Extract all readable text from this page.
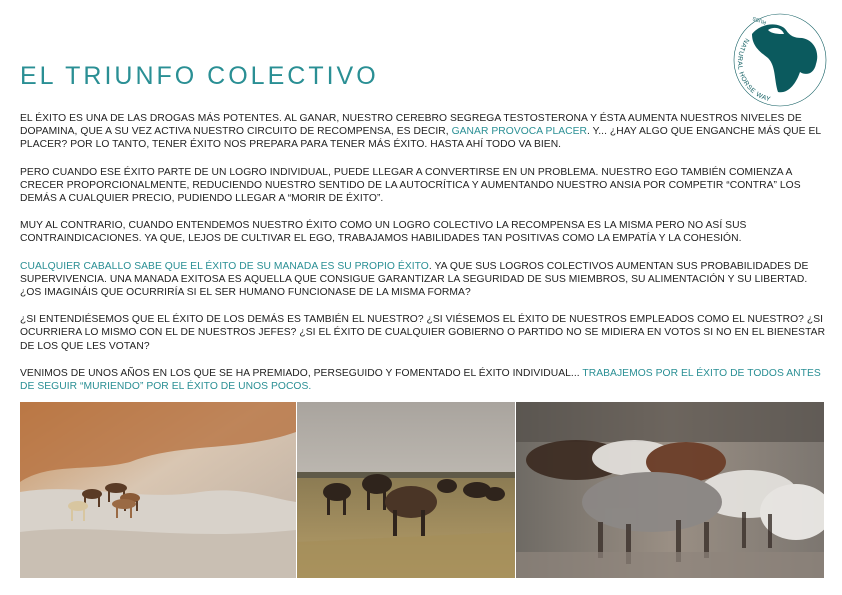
EL TRIUNFO COLECTIVO
NATURAL HORSE WAY
RUSS

EL ÉXITO ES UNA DE LAS DROGAS MÁS POTENTES. AL GANAR, NUESTRO CEREBRO SEGREGA TESTOSTERONA Y ÉSTA AUMENTA NUESTROS NIVELES DE DOPAMINA, QUE A SU VEZ ACTIVA NUESTRO CIRCUITO DE RECOMPENSA, ES DECIR, GANAR PROVOCA PLACER. Y... ¿HAY ALGO QUE ENGANCHE MÁS QUE EL PLACER? POR LO TANTO, TENER ÉXITO NOS PREPARA PARA TENER MÁS ÉXITO. HASTA AHÍ TODO VA BIEN.

PERO CUANDO ESE ÉXITO PARTE DE UN LOGRO INDIVIDUAL, PUEDE LLEGAR A CONVERTIRSE EN UN PROBLEMA. NUESTRO EGO TAMBIÉN COMIENZA A CRECER PROPORCIONALMENTE, REDUCIENDO NUESTRO SENTIDO DE LA AUTOCRÍTICA Y AUMENTANDO NUESTRO ANSIA POR COMPETIR “CONTRA” LOS DEMÁS A CUALQUIER PRECIO, PUDIENDO LLEGAR A “MORIR DE ÉXITO”.

MUY AL CONTRARIO, CUANDO ENTENDEMOS NUESTRO ÉXITO COMO UN LOGRO COLECTIVO LA RECOMPENSA ES LA MISMA PERO NO ASÍ SUS CONTRAINDICACIONES. YA QUE, LEJOS DE CULTIVAR EL EGO, TRABAJAMOS HABILIDADES TAN POSITIVAS COMO LA EMPATÍA Y LA COHESIÓN.

CUALQUIER CABALLO SABE QUE EL ÉXITO DE SU MANADA ES SU PROPIO ÉXITO. YA QUE SUS LOGROS COLECTIVOS AUMENTAN SUS PROBABILIDADES DE SUPERVIVENCIA. UNA MANADA EXITOSA ES AQUELLA QUE CONSIGUE GARANTIZAR LA SEGURIDAD DE SUS MIEMBROS, SU ALIMENTACIÓN Y SU LIBERTAD. ¿OS IMAGINÁIS QUE OCURRIRÍA SI EL SER HUMANO FUNCIONASE DE LA MISMA FORMA?

¿SI ENTENDIÉSEMOS QUE EL ÉXITO DE LOS DEMÁS ES TAMBIÉN EL NUESTRO? ¿SI VIÉSEMOS EL ÉXITO DE NUESTROS EMPLEADOS COMO EL NUESTRO? ¿SI OCURRIERA LO MISMO CON EL DE NUESTROS JEFES? ¿SI EL ÉXITO DE CUALQUIER GOBIERNO O PARTIDO NO SE MIDIERA EN VOTOS SI NO EN EL BIENESTAR DE LOS QUE LES VOTAN?

VENIMOS DE UNOS AÑOS EN LOS QUE SE HA PREMIADO, PERSEGUIDO Y FOMENTADO EL ÉXITO INDIVIDUAL... TRABAJEMOS POR EL ÉXITO DE TODOS ANTES DE SEGUIR “MURIENDO” POR EL ÉXITO DE UNOS POCOS.
